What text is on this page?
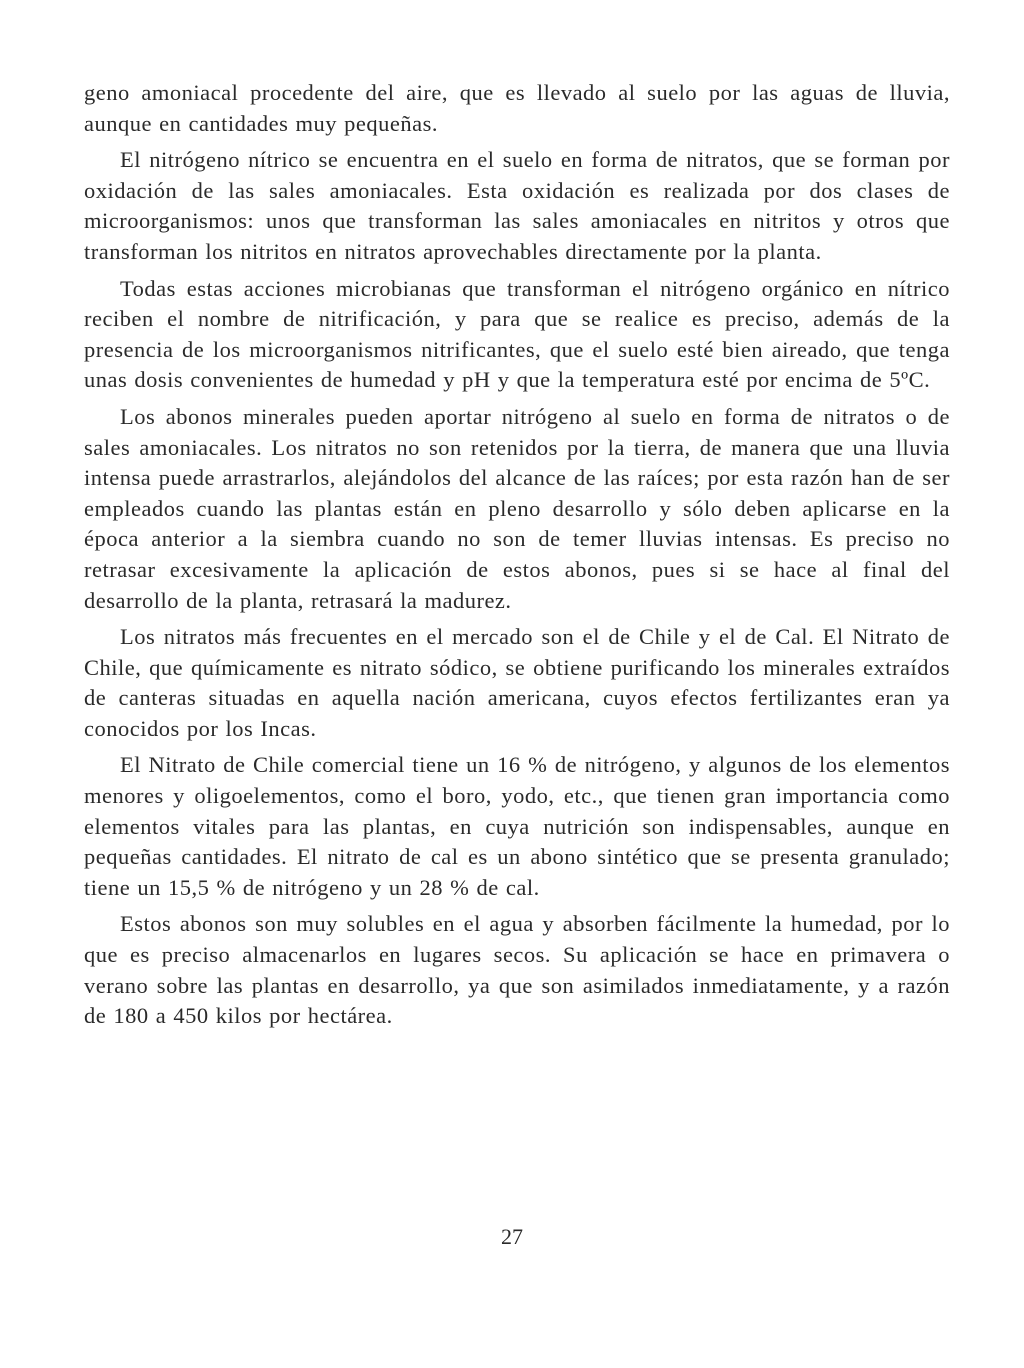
geno amoniacal procedente del aire, que es llevado al suelo por las aguas de lluvia, aunque en cantidades muy pequeñas.

El nitrógeno nítrico se encuentra en el suelo en forma de nitratos, que se forman por oxidación de las sales amoniacales. Esta oxidación es realizada por dos clases de microorganismos: unos que transforman las sales amoniacales en nitritos y otros que transforman los nitritos en nitratos aprovechables directamente por la planta.

Todas estas acciones microbianas que transforman el nitrógeno orgánico en nítrico reciben el nombre de nitrificación, y para que se realice es preciso, además de la presencia de los microorganismos nitrificantes, que el suelo esté bien aireado, que tenga unas dosis convenientes de humedad y pH y que la temperatura esté por encima de 5ºC.

Los abonos minerales pueden aportar nitrógeno al suelo en forma de nitratos o de sales amoniacales. Los nitratos no son retenidos por la tierra, de manera que una lluvia intensa puede arrastrarlos, alejándolos del alcance de las raíces; por esta razón han de ser empleados cuando las plantas están en pleno desarrollo y sólo deben aplicarse en la época anterior a la siembra cuando no son de temer lluvias intensas. Es preciso no retrasar excesivamente la aplicación de estos abonos, pues si se hace al final del desarrollo de la planta, retrasará la madurez.

Los nitratos más frecuentes en el mercado son el de Chile y el de Cal. El Nitrato de Chile, que químicamente es nitrato sódico, se obtiene purificando los minerales extraídos de canteras situadas en aquella nación americana, cuyos efectos fertilizantes eran ya conocidos por los Incas.

El Nitrato de Chile comercial tiene un 16 % de nitrógeno, y algunos de los elementos menores y oligoelementos, como el boro, yodo, etc., que tienen gran importancia como elementos vitales para las plantas, en cuya nutrición son indispensables, aunque en pequeñas cantidades. El nitrato de cal es un abono sintético que se presenta granulado; tiene un 15,5 % de nitrógeno y un 28 % de cal.

Estos abonos son muy solubles en el agua y absorben fácilmente la humedad, por lo que es preciso almacenarlos en lugares secos. Su aplicación se hace en primavera o verano sobre las plantas en desarrollo, ya que son asimilados inmediatamente, y a razón de 180 a 450 kilos por hectárea.

27
